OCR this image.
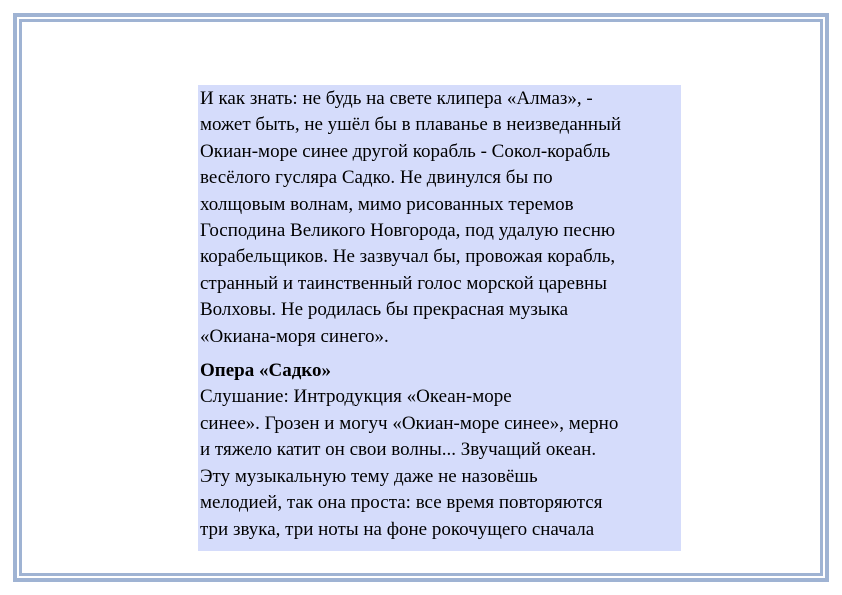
И как знать: не будь на свете клипера «Алмаз», -
может быть, не ушёл бы в плаванье в неизведанный
Окиан-море синее другой корабль - Сокол-корабль
весёлого гусляра Садко. Не двинулся бы по
холщовым волнам, мимо рисованных теремов
Господина Великого Новгорода, под удалую песню
корабельщиков. Не зазвучал бы, провожая корабль,
странный и таинственный голос морской царевны
Волховы. Не родилась бы прекрасная музыка
«Окиана-моря синего».
Опера «Садко»
Слушание: Интродукция «Океан-море
синее». Грозен и могуч «Окиан-море синее», мерно
и тяжело катит он свои волны... Звучащий океан.
Эту музыкальную тему даже не назовёшь
мелодией, так она проста: все время повторяются
три звука, три ноты на фоне рокочущего сначала
